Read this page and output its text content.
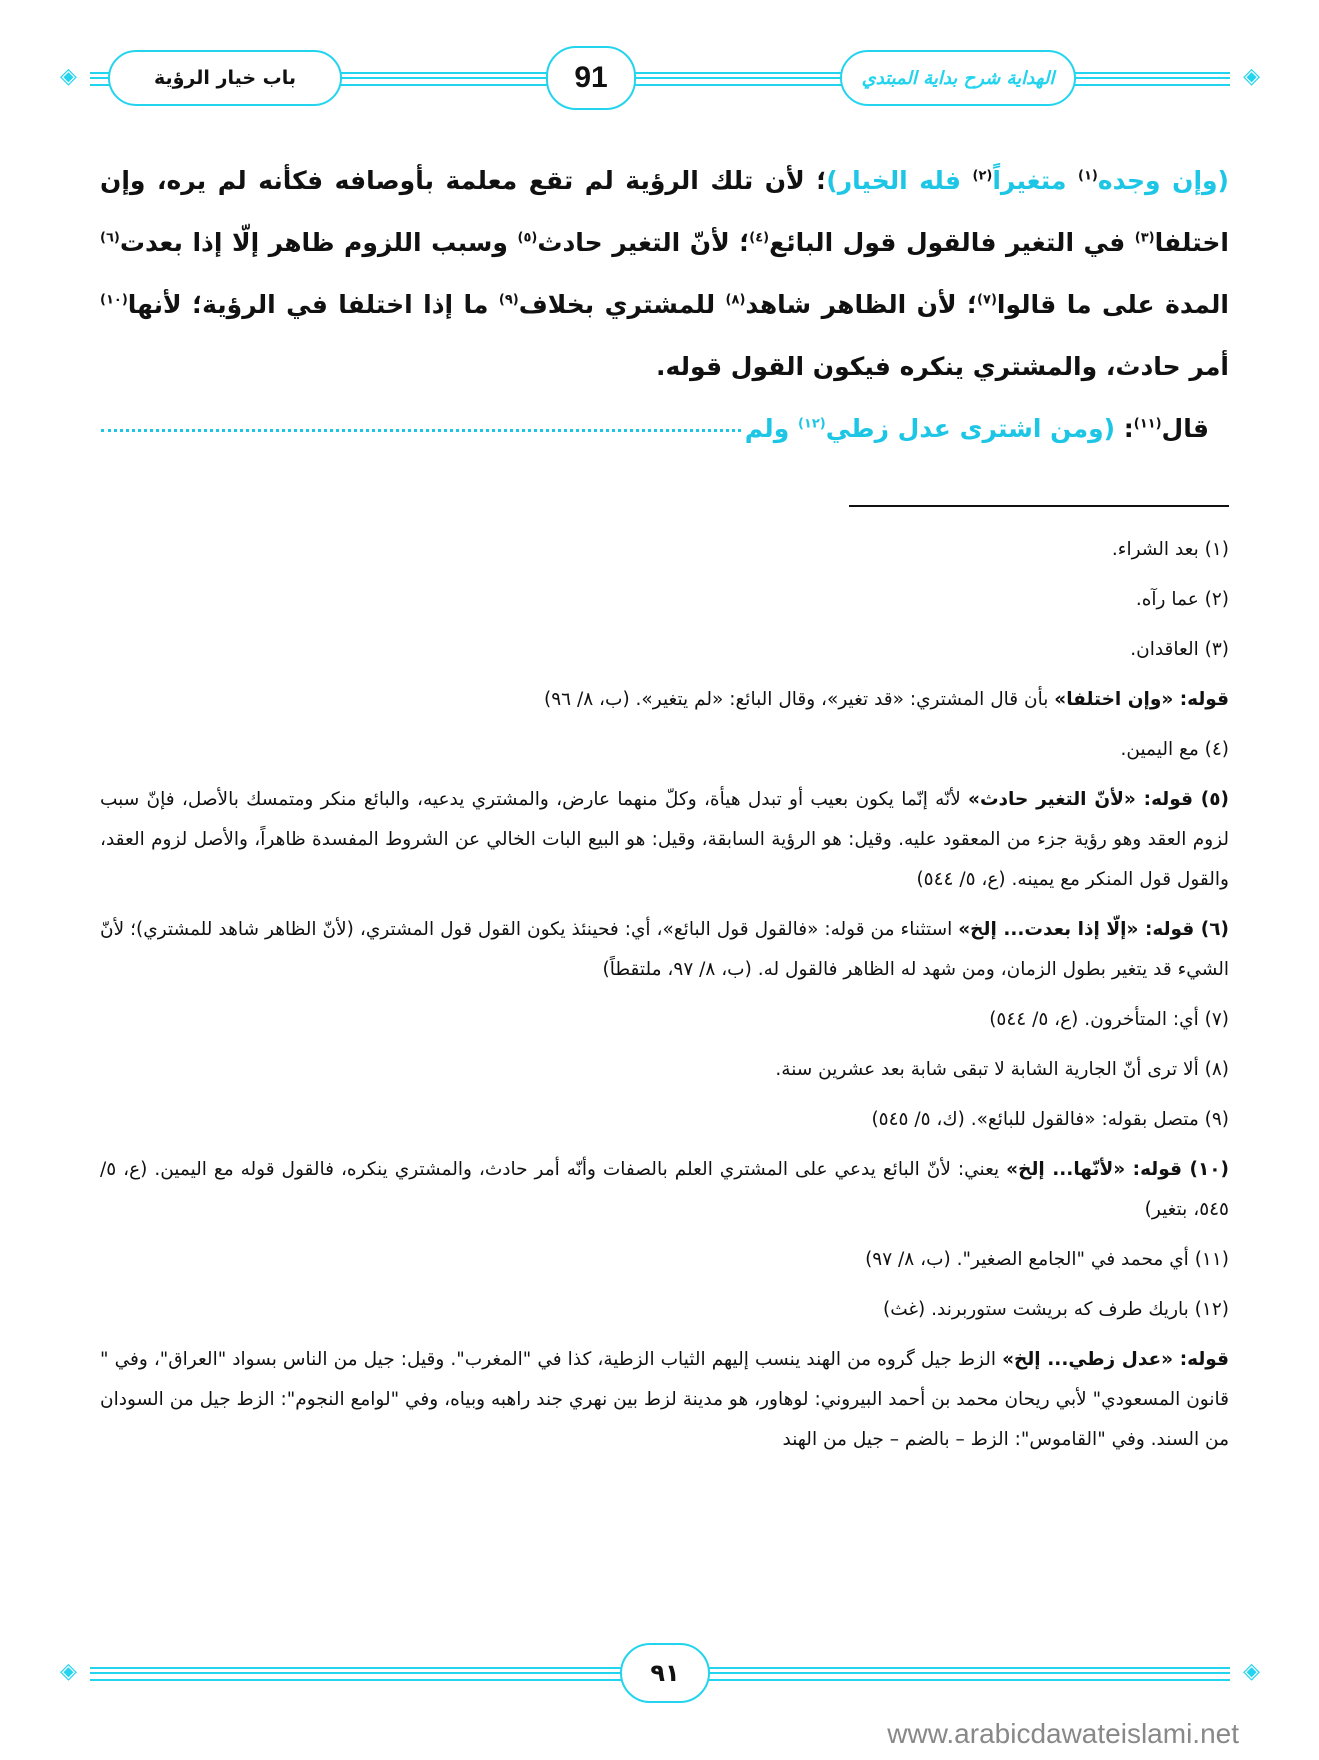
◈	◈
باب خيار الرؤية	91	الهداية شرح بداية المبتدي

(وإن وجده$^{(١)}$ متغيراً$^{(٢)}$ فله الخيار)؛ لأن تلك الرؤية لم تقع معلمة بأوصافه فكأنه لم يره، وإن اختلفا$^{(٣)}$ في التغير فالقول قول البائع$^{(٤)}$؛ لأنّ التغير حادث$^{(٥)}$ وسبب اللزوم ظاهر إلّا إذا بعدت$^{(٦)}$ المدة على ما قالوا$^{(٧)}$؛ لأن الظاهر شاهد$^{(٨)}$ للمشتري بخلاف$^{(٩)}$ ما إذا اختلفا في الرؤية؛ لأنها$^{(١٠)}$ أمر حادث، والمشتري ينكره فيكون القول قوله.

قال$^{(١١)}$: (ومن اشترى عدل زطي$^{(١٢)}$ ولم

(١) بعد الشراء.

(٢) عما رآه.

(٣) العاقدان.

قوله: «وإن اختلفا» بأن قال المشتري: «قد تغير»، وقال البائع: «لم يتغير». (ب، ٨/ ٩٦)

(٤) مع اليمين.

(٥) قوله: «لأنّ التغير حادث» لأنّه إنّما يكون بعيب أو تبدل هيأة، وكلّ منهما عارض، والمشتري يدعيه، والبائع منكر ومتمسك بالأصل، فإنّ سبب لزوم العقد وهو رؤية جزء من المعقود عليه. وقيل: هو الرؤية السابقة، وقيل: هو البيع البات الخالي عن الشروط المفسدة ظاهراً، والأصل لزوم العقد، والقول قول المنكر مع يمينه. (ع، ٥/ ٥٤٤)

(٦) قوله: «إلّا إذا بعدت... إلخ» استثناء من قوله: «فالقول قول البائع»، أي: فحينئذ يكون القول قول المشتري، (لأنّ الظاهر شاهد للمشتري)؛ لأنّ الشيء قد يتغير بطول الزمان، ومن شهد له الظاهر فالقول له. (ب، ٨/ ٩٧، ملتقطاً)

(٧) أي: المتأخرون. (ع، ٥/ ٥٤٤)

(٨) ألا ترى أنّ الجارية الشابة لا تبقى شابة بعد عشرين سنة.

(٩) متصل بقوله: «فالقول للبائع». (ك، ٥/ ٥٤٥)

(١٠) قوله: «لأنّها... إلخ» يعني: لأنّ البائع يدعي على المشتري العلم بالصفات وأنّه أمر حادث، والمشتري ينكره، فالقول قوله مع اليمين. (ع، ٥/ ٥٤٥، بتغير)

(١١) أي محمد في "الجامع الصغير". (ب، ٨/ ٩٧)

(١٢) باريك طرف كه بريشت ستوربرند. (غث)

قوله: «عدل زطي... إلخ» الزط جيل گروه من الهند ينسب إليهم الثياب الزطية، كذا في "المغرب". وقيل: جيل من الناس بسواد "العراق"، وفي " قانون المسعودي" لأبي ريحان محمد بن أحمد البيروني: لوهاور، هو مدينة لزط بين نهري جند راهبه وبياه، وفي "لوامع النجوم": الزط جيل من السودان من السند. وفي "القاموس": الزط – بالضم – جيل من الهند

◈	◈
٩١
www.arabicdawateislami.net
